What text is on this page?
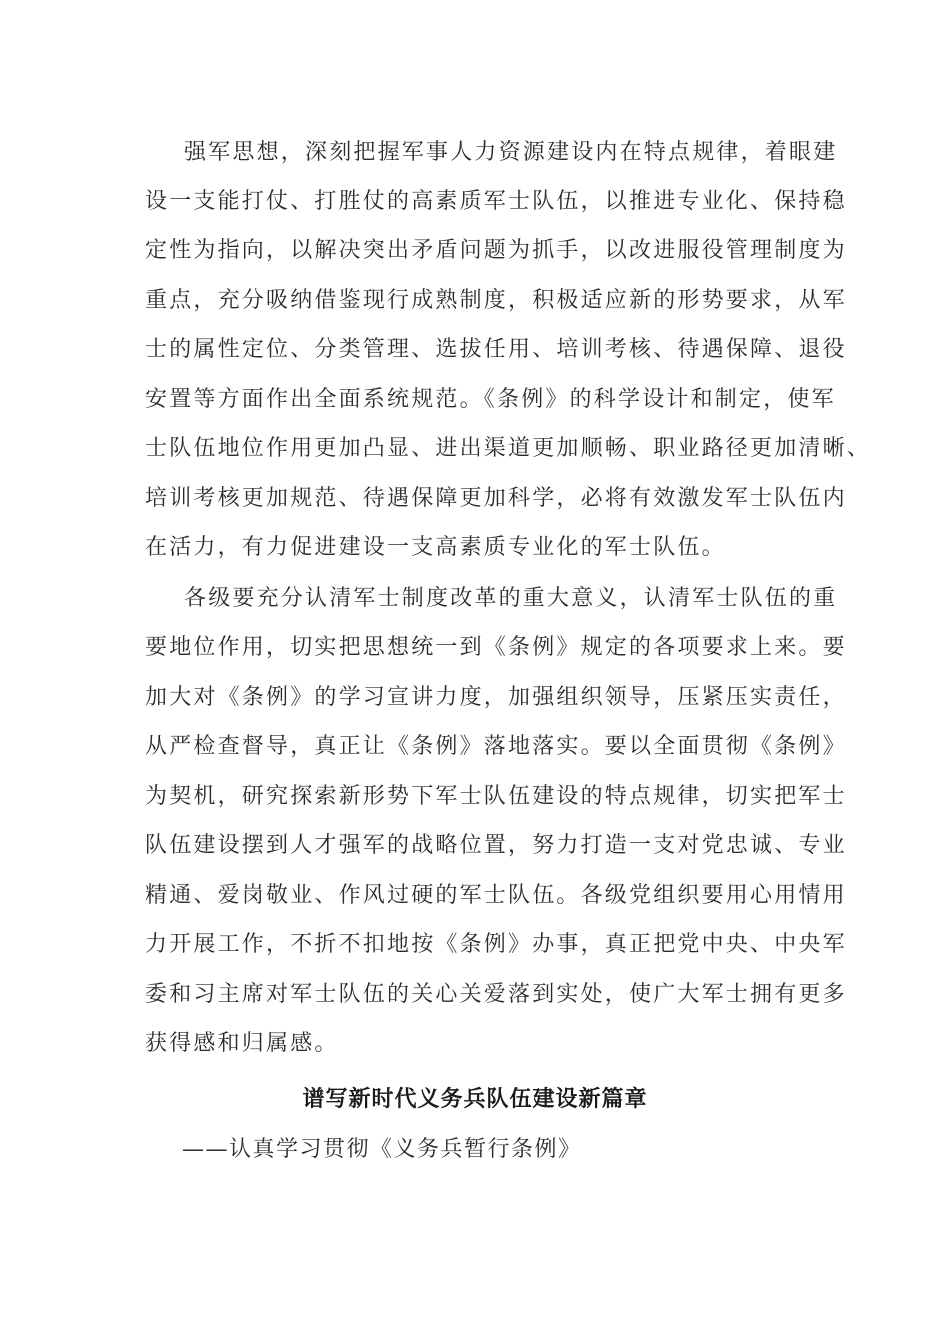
强军思想，深刻把握军事人力资源建设内在特点规律，着眼建
设一支能打仗、打胜仗的高素质军士队伍，以推进专业化、保持稳
定性为指向，以解决突出矛盾问题为抓手，以改进服役管理制度为
重点，充分吸纳借鉴现行成熟制度，积极适应新的形势要求，从军
士的属性定位、分类管理、选拔任用、培训考核、待遇保障、退役
安置等方面作出全面系统规范。《条例》的科学设计和制定，使军
士队伍地位作用更加凸显、进出渠道更加顺畅、职业路径更加清晰、
培训考核更加规范、待遇保障更加科学，必将有效激发军士队伍内
在活力，有力促进建设一支高素质专业化的军士队伍。
各级要充分认清军士制度改革的重大意义，认清军士队伍的重
要地位作用，切实把思想统一到《条例》规定的各项要求上来。要
加大对《条例》的学习宣讲力度，加强组织领导，压紧压实责任，
从严检查督导，真正让《条例》落地落实。要以全面贯彻《条例》
为契机，研究探索新形势下军士队伍建设的特点规律，切实把军士
队伍建设摆到人才强军的战略位置，努力打造一支对党忠诚、专业
精通、爱岗敬业、作风过硬的军士队伍。各级党组织要用心用情用
力开展工作，不折不扣地按《条例》办事，真正把党中央、中央军
委和习主席对军士队伍的关心关爱落到实处，使广大军士拥有更多
获得感和归属感。
谱写新时代义务兵队伍建设新篇章
——认真学习贯彻《义务兵暂行条例》
